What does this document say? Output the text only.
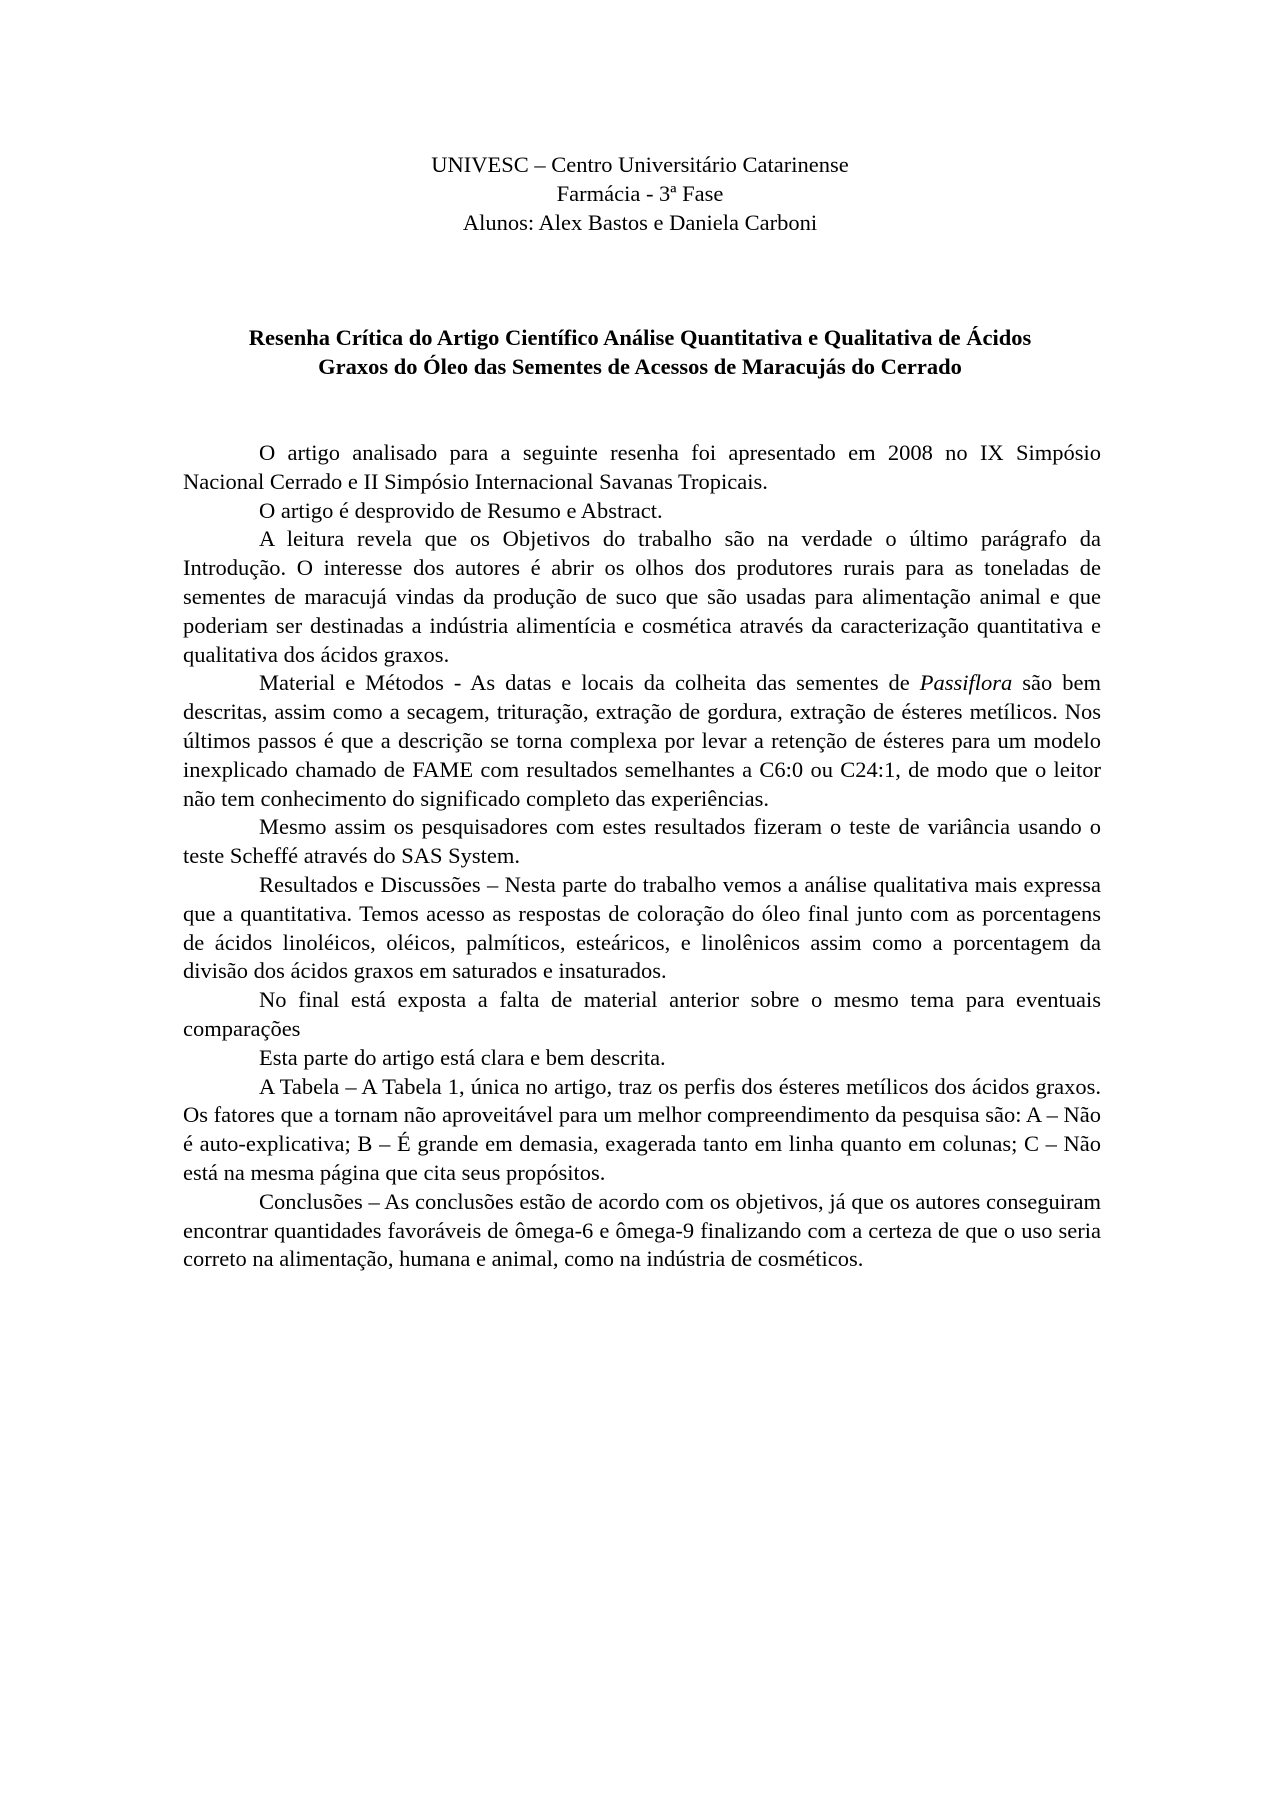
UNIVESC – Centro Universitário Catarinense
Farmácia - 3ª Fase
Alunos: Alex Bastos e Daniela Carboni
Resenha Crítica do Artigo Científico Análise Quantitativa e Qualitativa de Ácidos
Graxos do Óleo das Sementes de Acessos de Maracujás do Cerrado

O artigo analisado para a seguinte resenha foi apresentado em 2008 no IX Simpósio Nacional Cerrado e II Simpósio Internacional Savanas Tropicais.

O artigo é desprovido de Resumo e Abstract.

A leitura revela que os Objetivos do trabalho são na verdade o último parágrafo da Introdução. O interesse dos autores é abrir os olhos dos produtores rurais para as toneladas de sementes de maracujá vindas da produção de suco que são usadas para alimentação animal e que poderiam ser destinadas a indústria alimentícia e cosmética através da caracterização quantitativa e qualitativa dos ácidos graxos.

Material e Métodos - As datas e locais da colheita das sementes de Passiflora são bem descritas, assim como a secagem, trituração, extração de gordura, extração de ésteres metílicos. Nos últimos passos é que a descrição se torna complexa por levar a retenção de ésteres para um modelo inexplicado chamado de FAME com resultados semelhantes a C6:0 ou C24:1, de modo que o leitor não tem conhecimento do significado completo das experiências.

Mesmo assim os pesquisadores com estes resultados fizeram o teste de variância usando o teste Scheffé através do SAS System.

Resultados e Discussões – Nesta parte do trabalho vemos a análise qualitativa mais expressa que a quantitativa. Temos acesso as respostas de coloração do óleo final junto com as porcentagens de ácidos linoléicos, oléicos, palmíticos, esteáricos, e linolênicos assim como a porcentagem da divisão dos ácidos graxos em saturados e insaturados.

No final está exposta a falta de material anterior sobre o mesmo tema para eventuais comparações

Esta parte do artigo está clara e bem descrita.

A Tabela – A Tabela 1, única no artigo, traz os perfis dos ésteres metílicos dos ácidos graxos. Os fatores que a tornam não aproveitável para um melhor compreendimento da pesquisa são: A – Não é auto-explicativa; B – É grande em demasia, exagerada tanto em linha quanto em colunas; C – Não está na mesma página que cita seus propósitos.

Conclusões – As conclusões estão de acordo com os objetivos, já que os autores conseguiram encontrar quantidades favoráveis de ômega-6 e ômega-9 finalizando com a certeza de que o uso seria correto na alimentação, humana e animal, como na indústria de cosméticos.
